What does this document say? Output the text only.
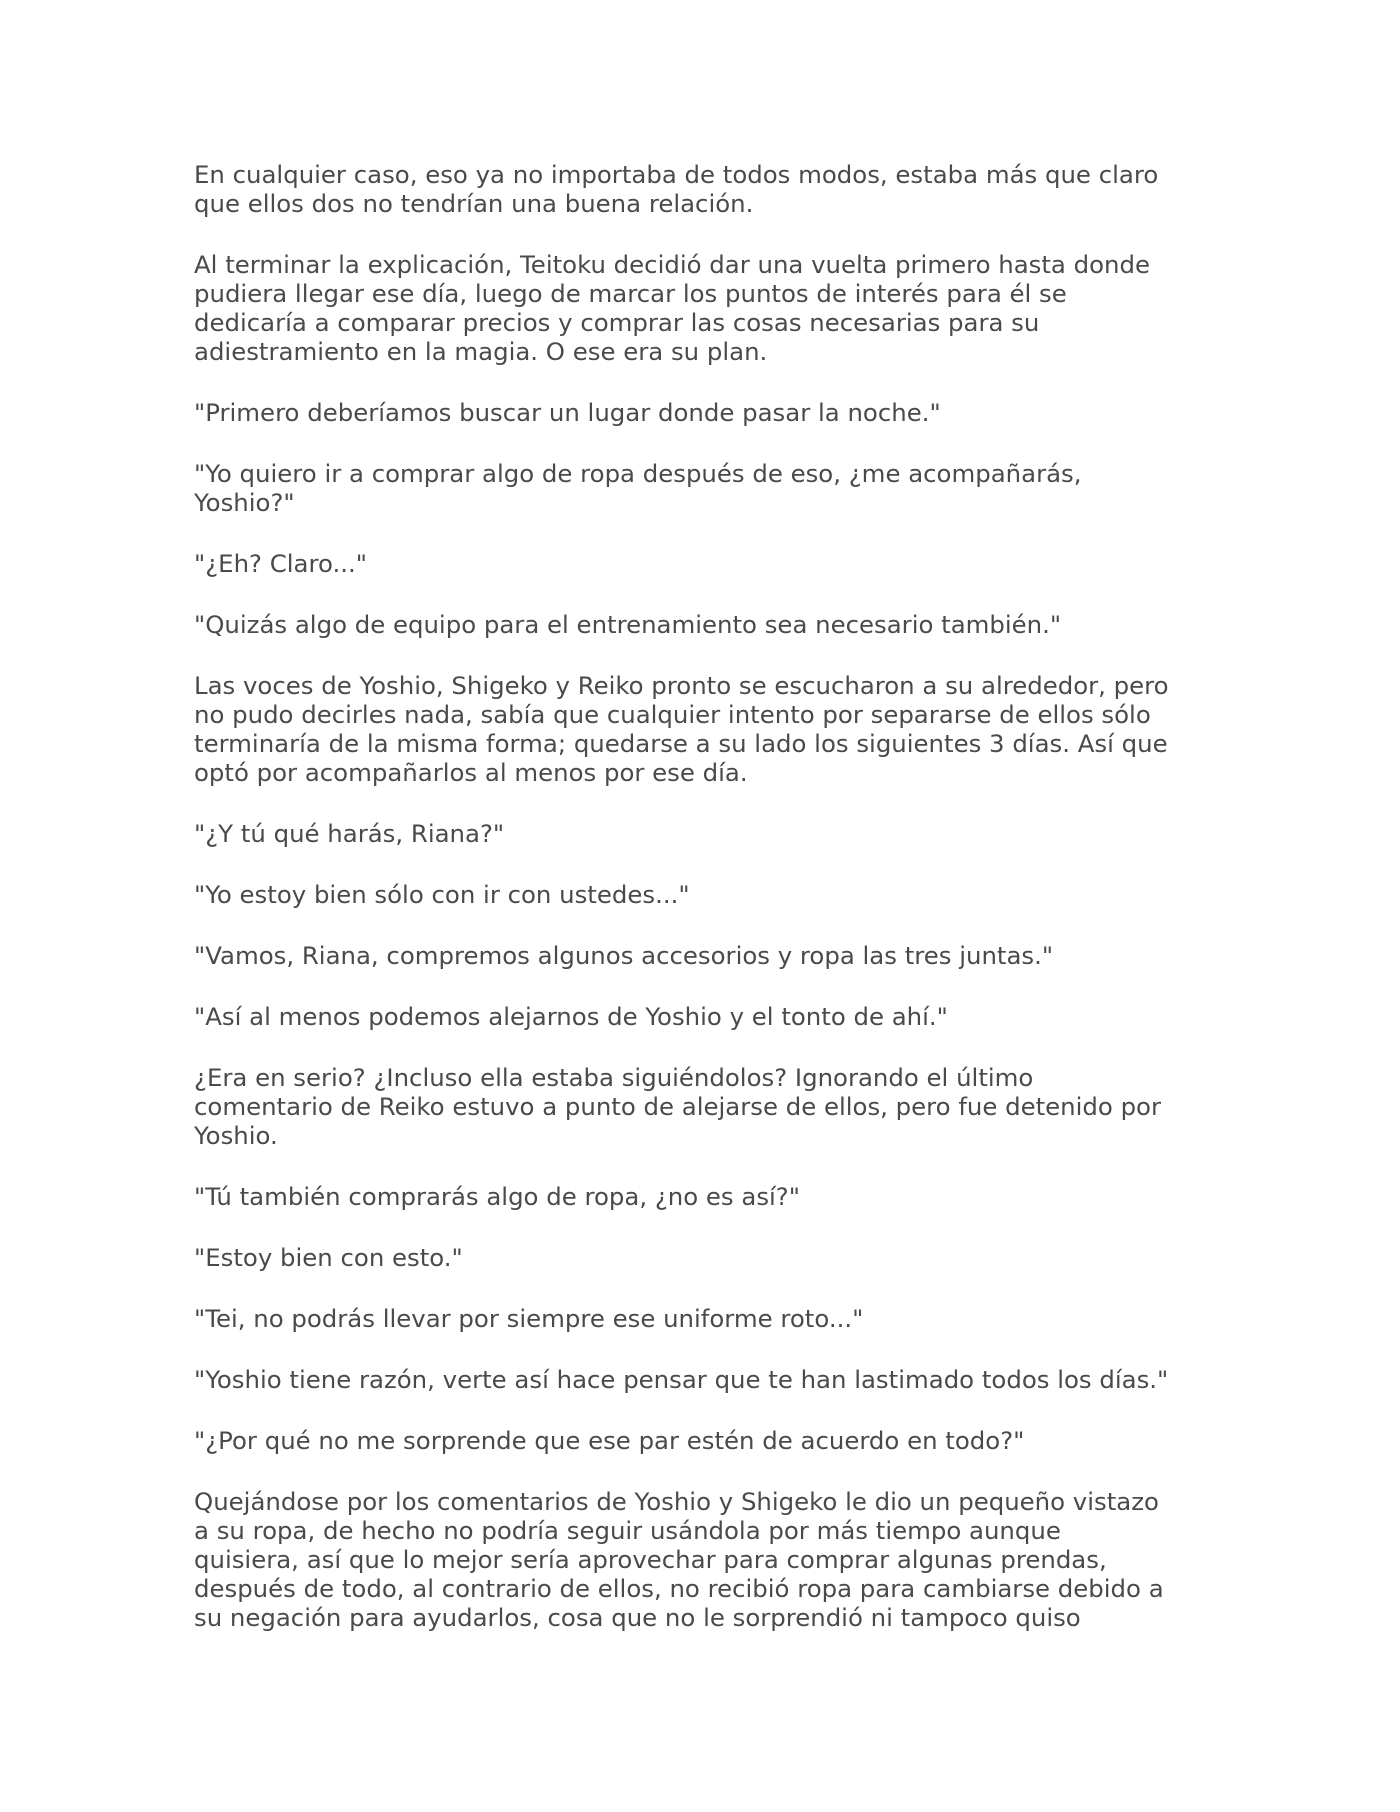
En cualquier caso, eso ya no importaba de todos modos, estaba más que claro
que ellos dos no tendrían una buena relación.

Al terminar la explicación, Teitoku decidió dar una vuelta primero hasta donde
pudiera llegar ese día, luego de marcar los puntos de interés para él se
dedicaría a comparar precios y comprar las cosas necesarias para su
adiestramiento en la magia. O ese era su plan.

"Primero deberíamos buscar un lugar donde pasar la noche."

"Yo quiero ir a comprar algo de ropa después de eso, ¿me acompañarás,
Yoshio?"

"¿Eh? Claro..."

"Quizás algo de equipo para el entrenamiento sea necesario también."

Las voces de Yoshio, Shigeko y Reiko pronto se escucharon a su alrededor, pero
no pudo decirles nada, sabía que cualquier intento por separarse de ellos sólo
terminaría de la misma forma; quedarse a su lado los siguientes 3 días. Así que
optó por acompañarlos al menos por ese día.

"¿Y tú qué harás, Riana?"

"Yo estoy bien sólo con ir con ustedes..."

"Vamos, Riana, compremos algunos accesorios y ropa las tres juntas."

"Así al menos podemos alejarnos de Yoshio y el tonto de ahí."

¿Era en serio? ¿Incluso ella estaba siguiéndolos? Ignorando el último
comentario de Reiko estuvo a punto de alejarse de ellos, pero fue detenido por
Yoshio.

"Tú también comprarás algo de ropa, ¿no es así?"

"Estoy bien con esto."

"Tei, no podrás llevar por siempre ese uniforme roto..."

"Yoshio tiene razón, verte así hace pensar que te han lastimado todos los días."

"¿Por qué no me sorprende que ese par estén de acuerdo en todo?"

Quejándose por los comentarios de Yoshio y Shigeko le dio un pequeño vistazo
a su ropa, de hecho no podría seguir usándola por más tiempo aunque
quisiera, así que lo mejor sería aprovechar para comprar algunas prendas,
después de todo, al contrario de ellos, no recibió ropa para cambiarse debido a
su negación para ayudarlos, cosa que no le sorprendió ni tampoco quiso
